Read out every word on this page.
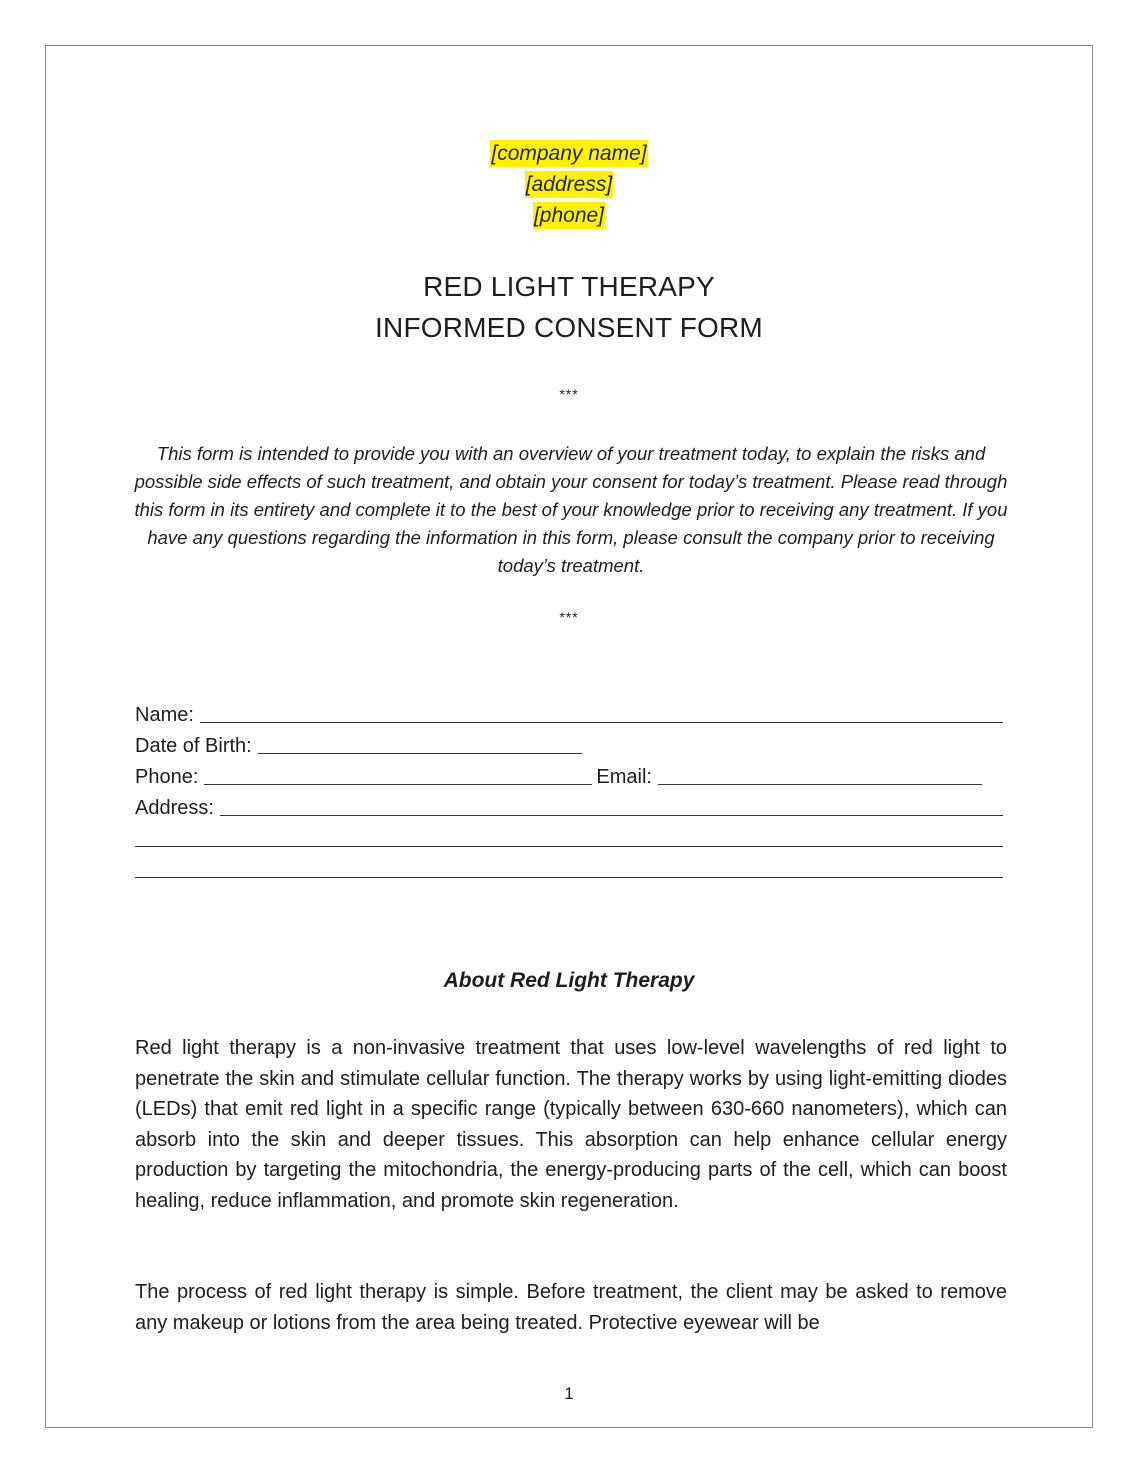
[company name]
[address]
[phone]
RED LIGHT THERAPY
INFORMED CONSENT FORM
***
This form is intended to provide you with an overview of your treatment today, to explain the risks and possible side effects of such treatment, and obtain your consent for today’s treatment. Please read through this form in its entirety and complete it to the best of your knowledge prior to receiving any treatment. If you have any questions regarding the information in this form, please consult the company prior to receiving today’s treatment.
***
Name:
Date of Birth:
Phone:	Email:
Address:
About Red Light Therapy
Red light therapy is a non-invasive treatment that uses low-level wavelengths of red light to penetrate the skin and stimulate cellular function. The therapy works by using light-emitting diodes (LEDs) that emit red light in a specific range (typically between 630-660 nanometers), which can absorb into the skin and deeper tissues. This absorption can help enhance cellular energy production by targeting the mitochondria, the energy-producing parts of the cell, which can boost healing, reduce inflammation, and promote skin regeneration.
The process of red light therapy is simple. Before treatment, the client may be asked to remove any makeup or lotions from the area being treated. Protective eyewear will be
1
